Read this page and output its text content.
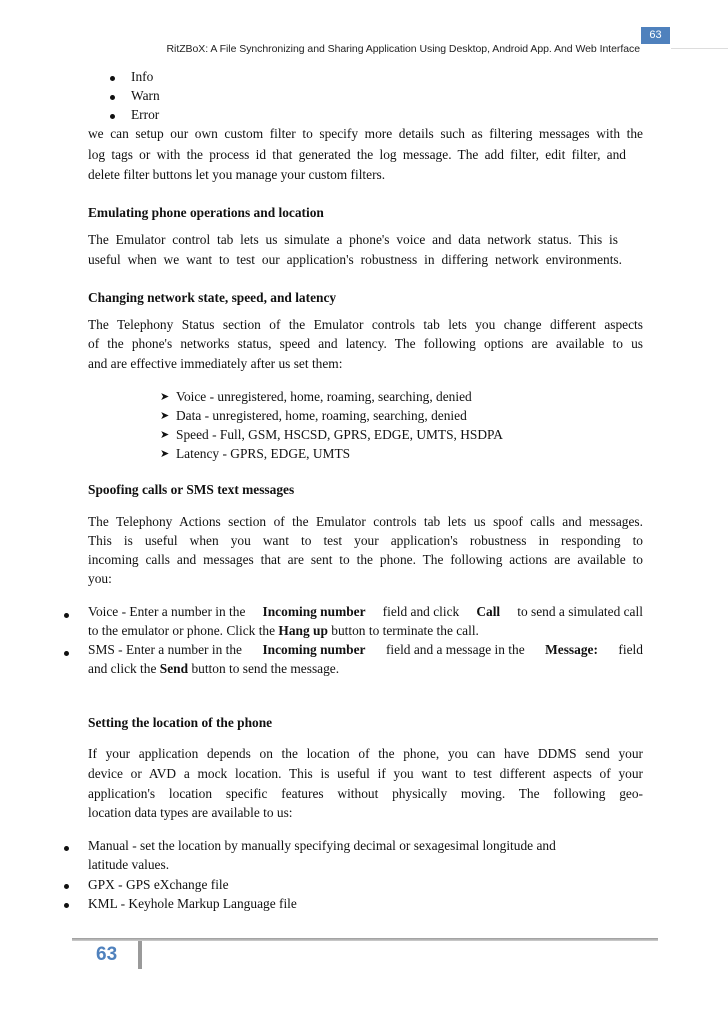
63
RitZBoX: A File Synchronizing and Sharing Application Using Desktop, Android App. And Web Interface
Info
Warn
Error
we can setup our own custom filter to specify more details such as filtering messages with the
log tags or with the process id that generated the log message. The add filter, edit filter, and
delete filter buttons let you manage your custom filters.
Emulating phone operations and location
The Emulator control tab lets us simulate a phone's voice and data network status. This is
useful when we want to test our application's robustness in differing network environments.
Changing network state, speed, and latency
The Telephony Status section of the Emulator controls tab lets you change different aspects
of the phone's networks status, speed and latency. The following options are available to us
and are effective immediately after us set them:
➤ Voice - unregistered, home, roaming, searching, denied
➤ Data - unregistered, home, roaming, searching, denied
➤ Speed - Full, GSM, HSCSD, GPRS, EDGE, UMTS, HSDPA
➤ Latency - GPRS, EDGE, UMTS
Spoofing calls or SMS text messages
The Telephony Actions section of the Emulator controls tab lets us spoof calls and messages.
This is useful when you want to test your application's robustness in responding to
incoming calls and messages that are sent to the phone. The following actions are available to
you:
Voice - Enter a number in the Incoming number field and click Call to send a simulated call
to the emulator or phone. Click the Hang up button to terminate the call.
SMS - Enter a number in the Incoming number field and a message in the Message: field
and click the Send button to send the message.
Setting the location of the phone
If your application depends on the location of the phone, you can have DDMS send your
device or AVD a mock location. This is useful if you want to test different aspects of your
application's location specific features without physically moving. The following geo-
location data types are available to us:
Manual - set the location by manually specifying decimal or sexagesimal longitude and
latitude values.
GPX - GPS eXchange file
KML - Keyhole Markup Language file
63
